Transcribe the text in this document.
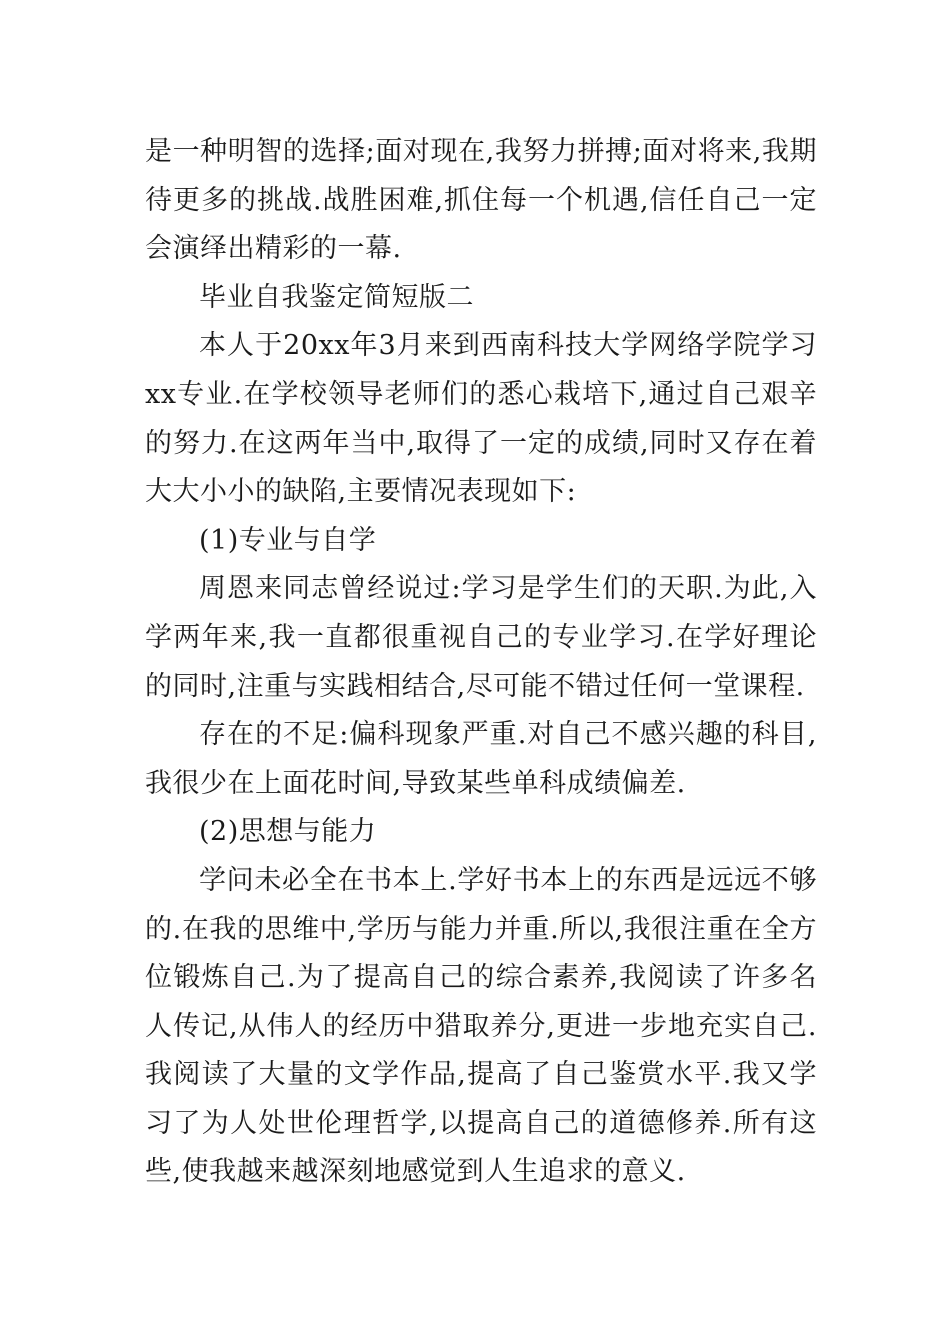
是一种明智的选择;面对现在,我努力拼搏;面对将来,我期待更多的挑战.战胜困难,抓住每一个机遇,信任自己一定会演绎出精彩的一幕.

毕业自我鉴定简短版二

本人于20xx年3月来到西南科技大学网络学院学习xx专业.在学校领导老师们的悉心栽培下,通过自己艰辛的努力.在这两年当中,取得了一定的成绩,同时又存在着大大小小的缺陷,主要情况表现如下:

(1)专业与自学

周恩来同志曾经说过:学习是学生们的天职.为此,入学两年来,我一直都很重视自己的专业学习.在学好理论的同时,注重与实践相结合,尽可能不错过任何一堂课程.

存在的不足:偏科现象严重.对自己不感兴趣的科目,我很少在上面花时间,导致某些单科成绩偏差.

(2)思想与能力

学问未必全在书本上.学好书本上的东西是远远不够的.在我的思维中,学历与能力并重.所以,我很注重在全方位锻炼自己.为了提高自己的综合素养,我阅读了许多名人传记,从伟人的经历中猎取养分,更进一步地充实自己.我阅读了大量的文学作品,提高了自己鉴赏水平.我又学习了为人处世伦理哲学,以提高自己的道德修养.所有这些,使我越来越深刻地感觉到人生追求的意义.
